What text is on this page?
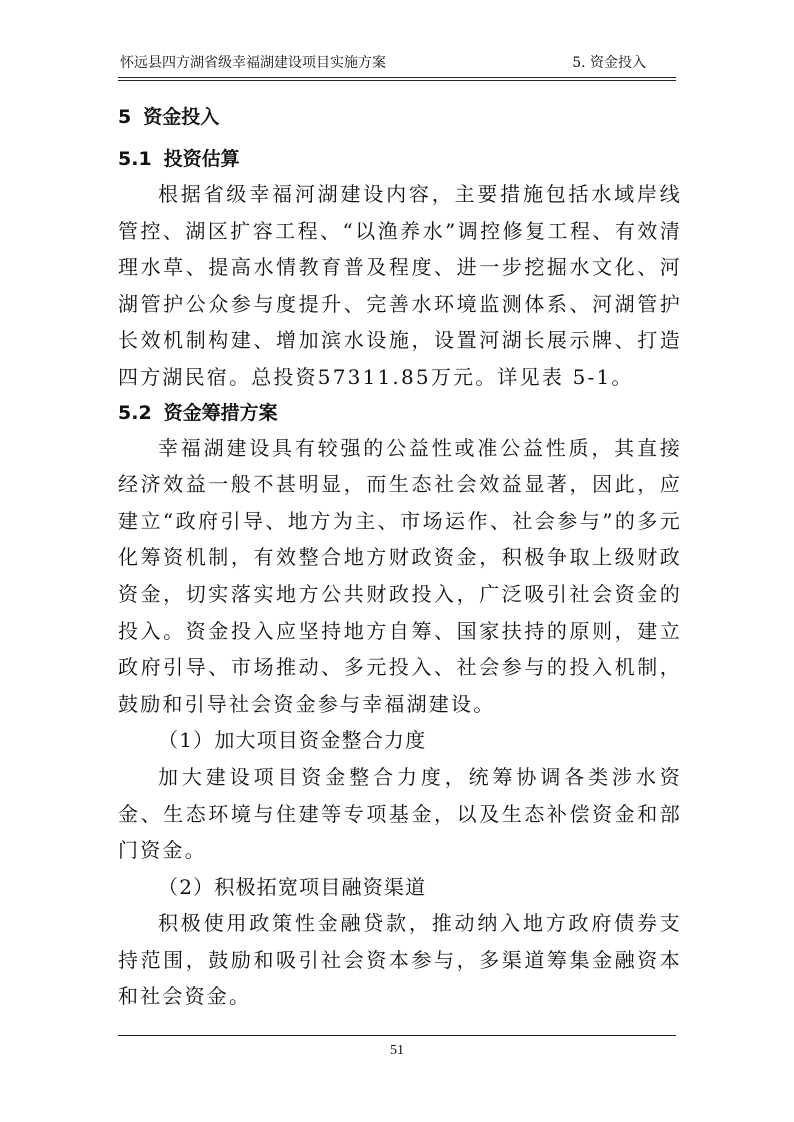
怀远县四方湖省级幸福湖建设项目实施方案	5. 资金投入
5 资金投入
5.1 投资估算

根据省级幸福河湖建设内容，主要措施包括水域岸线管控、湖区扩容工程、“以渔养水”调控修复工程、有效清理水草、提高水情教育普及程度、进一步挖掘水文化、河湖管护公众参与度提升、完善水环境监测体系、河湖管护长效机制构建、增加滨水设施，设置河湖长展示牌、打造四方湖民宿。总投资57311.85万元。详见表 5-1。

5.2 资金筹措方案

幸福湖建设具有较强的公益性或准公益性质，其直接经济效益一般不甚明显，而生态社会效益显著，因此，应建立“政府引导、地方为主、市场运作、社会参与”的多元化筹资机制，有效整合地方财政资金，积极争取上级财政资金，切实落实地方公共财政投入，广泛吸引社会资金的投入。资金投入应坚持地方自筹、国家扶持的原则，建立政府引导、市场推动、多元投入、社会参与的投入机制，鼓励和引导社会资金参与幸福湖建设。

（1）加大项目资金整合力度

加大建设项目资金整合力度，统筹协调各类涉水资金、生态环境与住建等专项基金，以及生态补偿资金和部门资金。

（2）积极拓宽项目融资渠道

积极使用政策性金融贷款，推动纳入地方政府债券支持范围，鼓励和吸引社会资本参与，多渠道筹集金融资本和社会资金。

51
